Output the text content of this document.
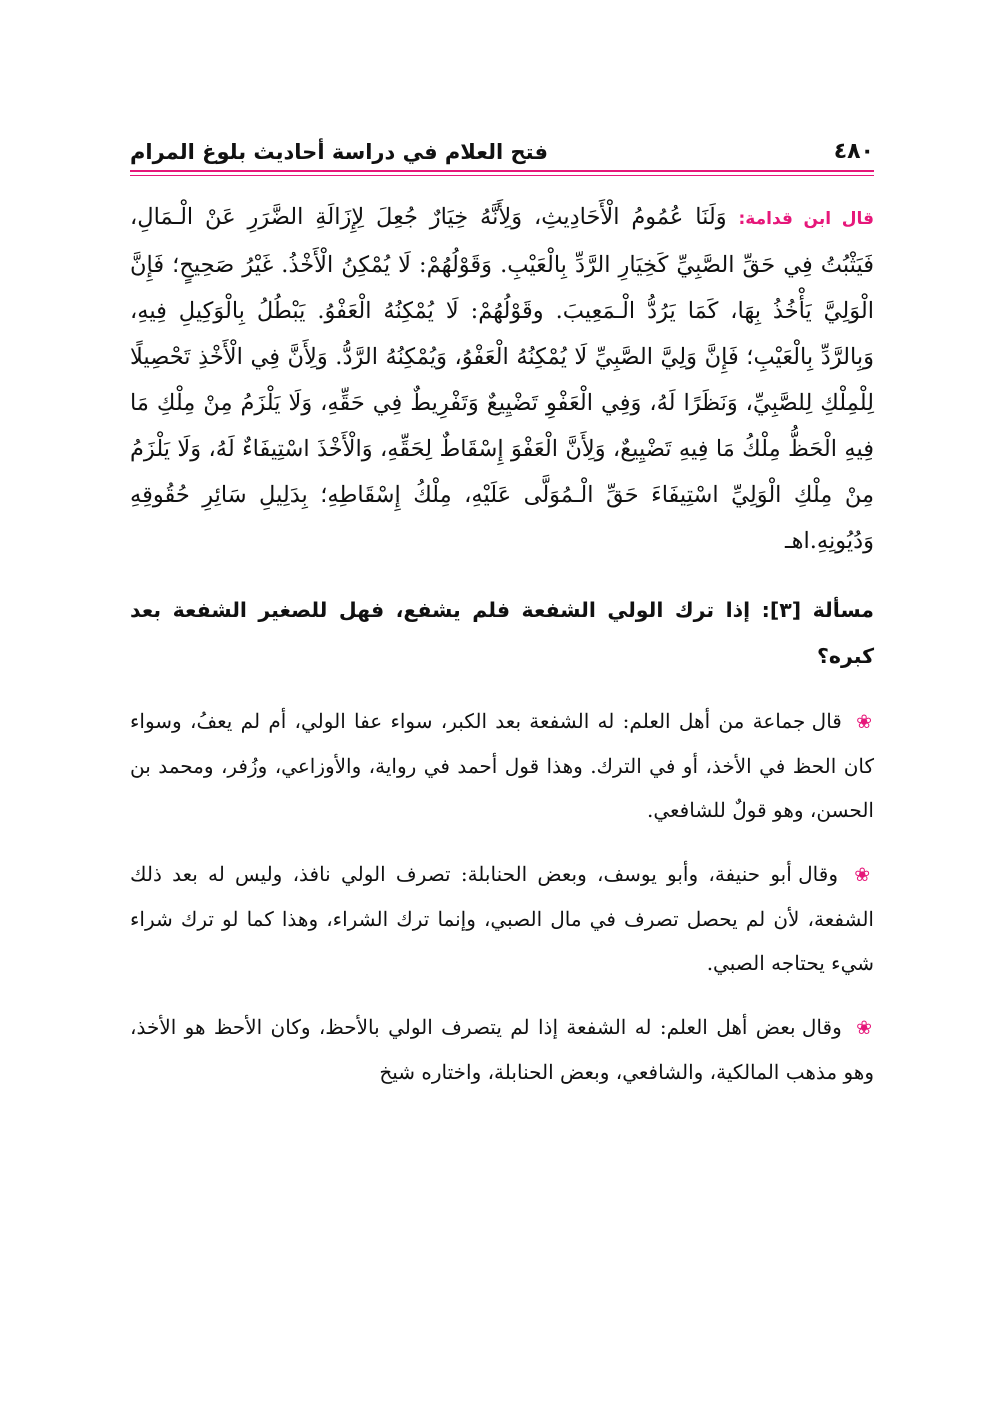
٤٨٠
فتح العلام في دراسة أحاديث بلوغ المرام

قال ابن قدامة: وَلَنَا عُمُومُ الْأَحَادِيثِ، وَلِأَنَّهُ خِيَارٌ جُعِلَ لِإِزَالَةِ الضَّرَرِ عَنْ الْـمَالِ، فَيَثْبُتُ فِي حَقِّ الصَّبِيِّ كَخِيَارِ الرَّدِّ بِالْعَيْبِ. وَقَوْلُهُمْ: لَا يُمْكِنُ الْأَخْذُ. غَيْرُ صَحِيحٍ؛ فَإِنَّ الْوَلِيَّ يَأْخُذُ بِهَا، كَمَا يَرُدُّ الْـمَعِيبَ. وقَوْلُهُمْ: لَا يُمْكِنُهُ الْعَفْوُ. يَبْطُلُ بِالْوَكِيلِ فِيهِ، وَبِالرَّدِّ بِالْعَيْبِ؛ فَإِنَّ وَلِيَّ الصَّبِيِّ لَا يُمْكِنُهُ الْعَفْوُ، وَيُمْكِنُهُ الرَّدُّ. وَلِأَنَّ فِي الْأَخْذِ تَحْصِيلًا لِلْمِلْكِ لِلصَّبِيِّ، وَنَظَرًا لَهُ، وَفِي الْعَفْوِ تَضْيِيعٌ وَتَفْرِيطٌ فِي حَقِّهِ، وَلَا يَلْزَمُ مِنْ مِلْكِ مَا فِيهِ الْحَظُّ مِلْكُ مَا فِيهِ تَضْيِيعٌ، وَلِأَنَّ الْعَفْوَ إِسْقَاطٌ لِحَقِّهِ، وَالْأَخْذَ اسْتِيفَاءٌ لَهُ، وَلَا يَلْزَمُ مِنْ مِلْكِ الْوَلِيِّ اسْتِيفَاءَ حَقِّ الْـمُوَلَّى عَلَيْهِ، مِلْكُ إِسْقَاطِهِ؛ بِدَلِيلِ سَائِرِ حُقُوقِهِ وَدُيُونِهِ.اهـ

مسألة [٣]: إذا ترك الولي الشفعة فلم يشفع، فهل للصغير الشفعة بعد كبره؟

❀ قال جماعة من أهل العلم: له الشفعة بعد الكبر، سواء عفا الولي، أم لم يعفُ، وسواء كان الحظ في الأخذ، أو في الترك. وهذا قول أحمد في رواية، والأوزاعي، وزُفر، ومحمد بن الحسن، وهو قولٌ للشافعي.

❀ وقال أبو حنيفة، وأبو يوسف، وبعض الحنابلة: تصرف الولي نافذ، وليس له بعد ذلك الشفعة، لأن لم يحصل تصرف في مال الصبي، وإنما ترك الشراء، وهذا كما لو ترك شراء شيء يحتاجه الصبي.

❀ وقال بعض أهل العلم: له الشفعة إذا لم يتصرف الولي بالأحظ، وكان الأحظ هو الأخذ، وهو مذهب المالكية، والشافعي، وبعض الحنابلة، واختاره شيخ
